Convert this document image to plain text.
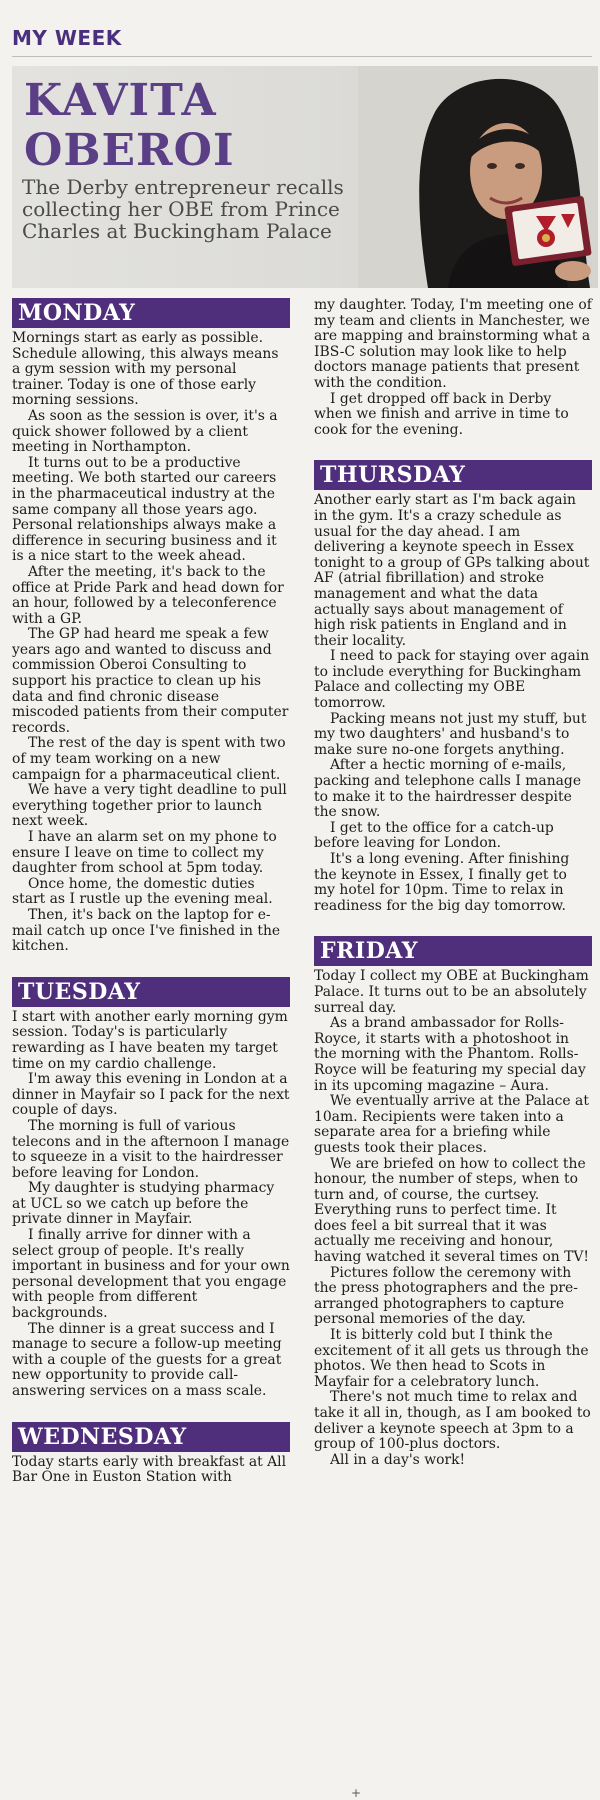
MY WEEK
KAVITA
OBEROI
The Derby entrepreneur recalls collecting her OBE from Prince Charles at Buckingham Palace
MONDAY

Mornings start as early as possible. Schedule allowing, this always means a gym session with my personal trainer. Today is one of those early morning sessions.

As soon as the session is over, it's a quick shower followed by a client meeting in Northampton.

It turns out to be a productive meeting. We both started our careers in the pharmaceutical industry at the same company all those years ago. Personal relationships always make a difference in securing business and it is a nice start to the week ahead.

After the meeting, it's back to the office at Pride Park and head down for an hour, followed by a teleconference with a GP.

The GP had heard me speak a few years ago and wanted to discuss and commission Oberoi Consulting to support his practice to clean up his data and find chronic disease miscoded patients from their computer records.

The rest of the day is spent with two of my team working on a new campaign for a pharmaceutical client.

We have a very tight deadline to pull everything together prior to launch next week.

I have an alarm set on my phone to ensure I leave on time to collect my daughter from school at 5pm today.

Once home, the domestic duties start as I rustle up the evening meal.

Then, it's back on the laptop for e-mail catch up once I've finished in the kitchen.

TUESDAY

I start with another early morning gym session. Today's is particularly rewarding as I have beaten my target time on my cardio challenge.

I'm away this evening in London at a dinner in Mayfair so I pack for the next couple of days.

The morning is full of various telecons and in the afternoon I manage to squeeze in a visit to the hairdresser before leaving for London.

My daughter is studying pharmacy at UCL so we catch up before the private dinner in Mayfair.

I finally arrive for dinner with a select group of people. It's really important in business and for your own personal development that you engage with people from different backgrounds.

The dinner is a great success and I manage to secure a follow-up meeting with a couple of the guests for a great new opportunity to provide call-answering services on a mass scale.

WEDNESDAY

Today starts early with breakfast at All Bar One in Euston Station with

my daughter. Today, I'm meeting one of my team and clients in Manchester, we are mapping and brainstorming what a IBS-C solution may look like to help doctors manage patients that present with the condition.

I get dropped off back in Derby when we finish and arrive in time to cook for the evening.

THURSDAY

Another early start as I'm back again in the gym. It's a crazy schedule as usual for the day ahead. I am delivering a keynote speech in Essex tonight to a group of GPs talking about AF (atrial fibrillation) and stroke management and what the data actually says about management of high risk patients in England and in their locality.

I need to pack for staying over again to include everything for Buckingham Palace and collecting my OBE tomorrow.

Packing means not just my stuff, but my two daughters' and husband's to make sure no-one forgets anything.

After a hectic morning of e-mails, packing and telephone calls I manage to make it to the hairdresser despite the snow.

I get to the office for a catch-up before leaving for London.

It's a long evening. After finishing the keynote in Essex, I finally get to my hotel for 10pm. Time to relax in readiness for the big day tomorrow.

FRIDAY

Today I collect my OBE at Buckingham Palace. It turns out to be an absolutely surreal day.

As a brand ambassador for Rolls-Royce, it starts with a photoshoot in the morning with the Phantom. Rolls-Royce will be featuring my special day in its upcoming magazine – Aura.

We eventually arrive at the Palace at 10am. Recipients were taken into a separate area for a briefing while guests took their places.

We are briefed on how to collect the honour, the number of steps, when to turn and, of course, the curtsey. Everything runs to perfect time. It does feel a bit surreal that it was actually me receiving and honour, having watched it several times on TV!

Pictures follow the ceremony with the press photographers and the pre-arranged photographers to capture personal memories of the day.

It is bitterly cold but I think the excitement of it all gets us through the photos. We then head to Scots in Mayfair for a celebratory lunch.

There's not much time to relax and take it all in, though, as I am booked to deliver a keynote speech at 3pm to a group of 100-plus doctors.

All in a day's work!

+
